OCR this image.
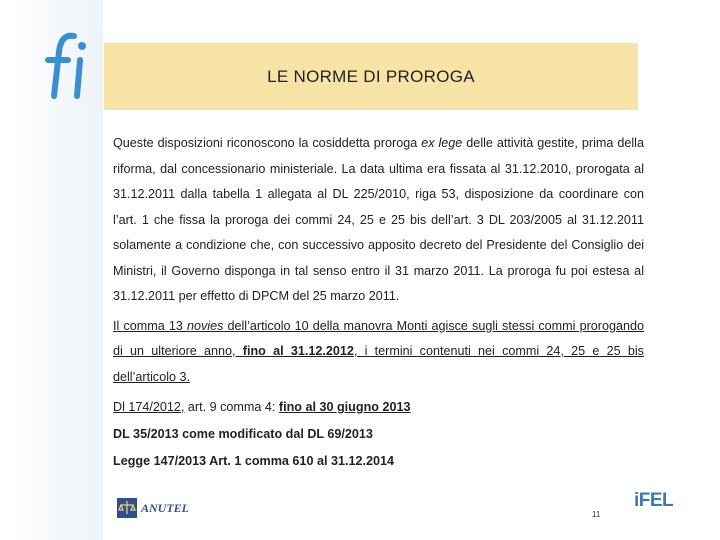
LE NORME DI PROROGA

Queste disposizioni riconoscono la cosiddetta proroga ex lege delle attività gestite, prima della riforma, dal concessionario ministeriale. La data ultima era fissata al 31.12.2010, prorogata al 31.12.2011 dalla tabella 1 allegata al DL 225/2010, riga 53, disposizione da coordinare con l’art. 1 che fissa la proroga dei commi 24, 25 e 25 bis dell’art. 3 DL 203/2005 al 31.12.2011 solamente a condizione che, con successivo apposito decreto del Presidente del Consiglio dei Ministri, il Governo disponga in tal senso entro il 31 marzo 2011. La proroga fu poi estesa al 31.12.2011 per effetto di DPCM del 25 marzo 2011.

Il comma 13 novies dell’articolo 10 della manovra Monti agisce sugli stessi commi prorogando di un ulteriore anno, fino al 31.12.2012, i termini contenuti nei commi 24, 25 e 25 bis dell’articolo 3.

Dl 174/2012, art. 9 comma 4: fino al 30 giugno 2013

DL 35/2013 come modificato dal DL 69/2013

Legge 147/2013 Art. 1 comma 610 al 31.12.2014

ANUTEL	11
iFEL
